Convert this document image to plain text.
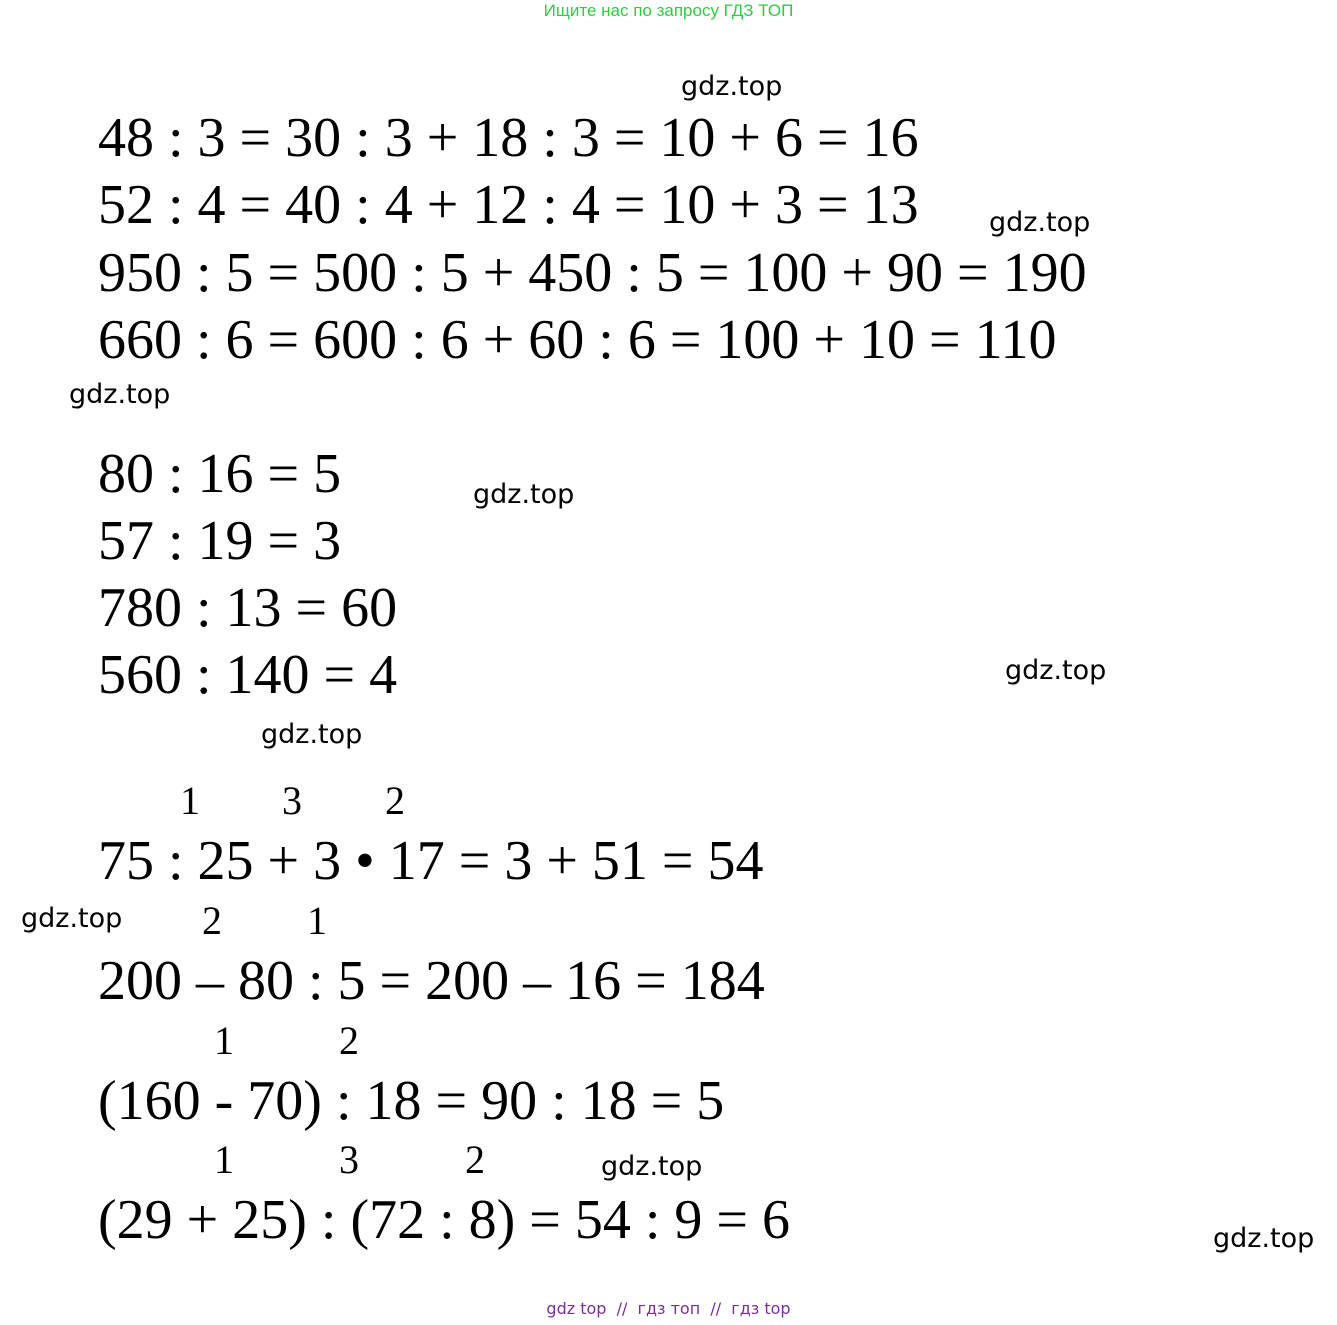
Ищите нас по запросу ГДЗ ТОП
48 : 3 = 30 : 3 + 18 : 3 = 10 + 6 = 16
52 : 4 = 40 : 4 + 12 : 4 = 10 + 3 = 13
950 : 5 = 500 : 5 + 450 : 5 = 100 + 90 = 190
660 : 6 = 600 : 6 + 60 : 6 = 100 + 10 = 110
80 : 16 = 5
57 : 19 = 3
780 : 13 = 60
560 : 140 = 4
1 3 2
75 : 25 + 3 • 17 = 3 + 51 = 54
2 1
200 – 80 : 5 = 200 – 16 = 184
1	2
(160 - 70) : 18 = 90 : 18 = 5
1	3	2
(29 + 25) : (72 : 8) = 54 : 9 = 6
gdz.top
gdz.top
gdz.top
gdz.top
gdz.top
gdz.top
gdz.top
gdz.top
gdz.top
gdz top  //  гдз топ  //  гдз top
